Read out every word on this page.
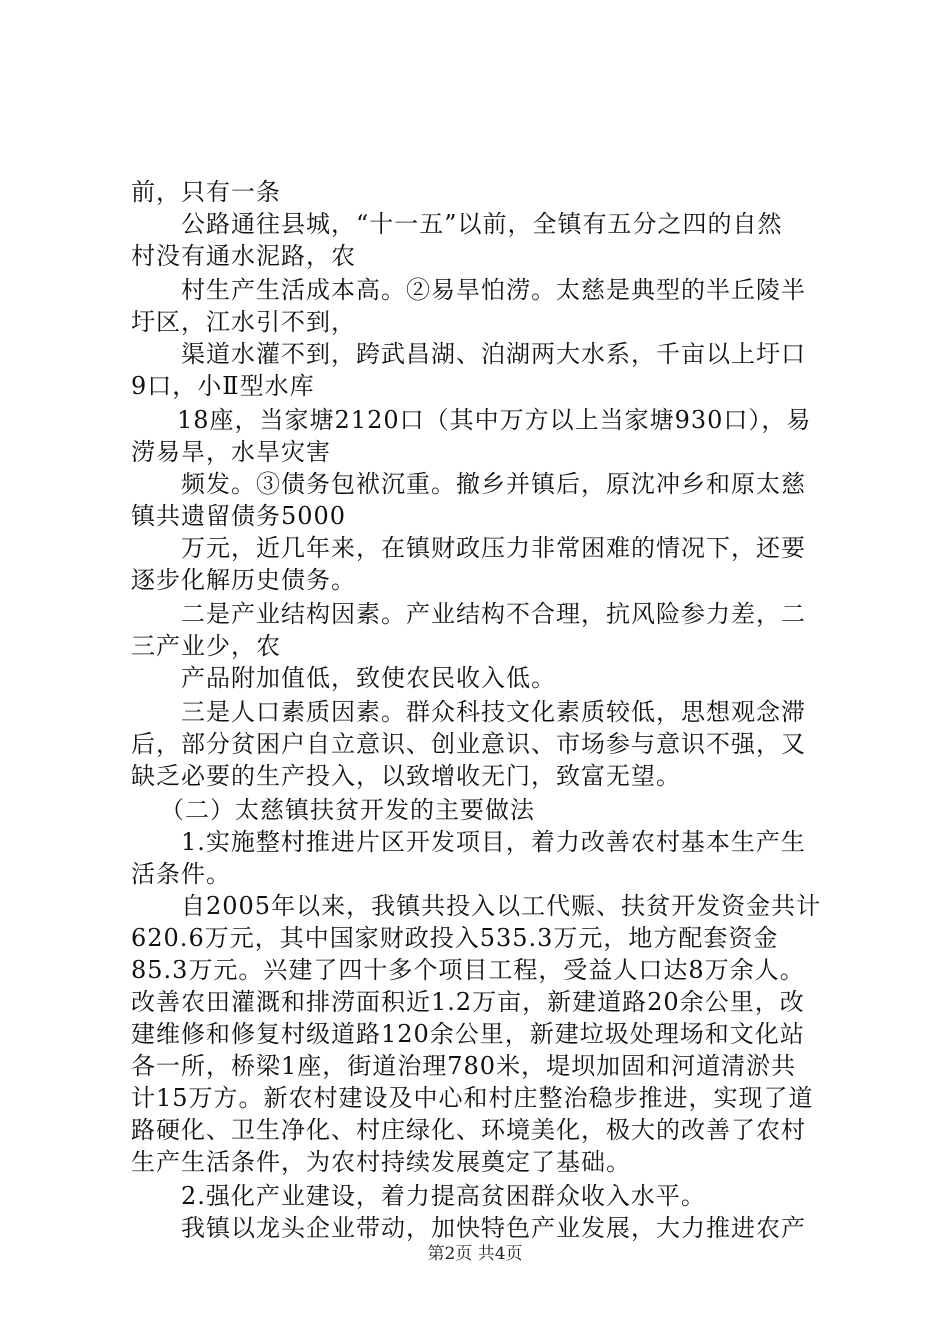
前，只有一条
公路通往县城，“十一五”以前，全镇有五分之四的自然
村没有通水泥路，农
村生产生活成本高。②易旱怕涝。太慈是典型的半丘陵半
圩区，江水引不到，
渠道水灌不到，跨武昌湖、泊湖两大水系，千亩以上圩口
9口，小Ⅱ型水库
18座，当家塘2120口（其中万方以上当家塘930口），易
涝易旱，水旱灾害
频发。③债务包袱沉重。撤乡并镇后，原沈冲乡和原太慈
镇共遗留债务5000
万元，近几年来，在镇财政压力非常困难的情况下，还要
逐步化解历史债务。
二是产业结构因素。产业结构不合理，抗风险参力差，二
三产业少，农
产品附加值低，致使农民收入低。
三是人口素质因素。群众科技文化素质较低，思想观念滞
后，部分贫困户自立意识、创业意识、市场参与意识不强，又
缺乏必要的生产投入，以致增收无门，致富无望。
（二）太慈镇扶贫开发的主要做法
1.实施整村推进片区开发项目，着力改善农村基本生产生
活条件。
自2005年以来，我镇共投入以工代赈、扶贫开发资金共计
620.6万元，其中国家财政投入535.3万元，地方配套资金
85.3万元。兴建了四十多个项目工程，受益人口达8万余人。
改善农田灌溉和排涝面积近1.2万亩，新建道路20余公里，改
建维修和修复村级道路120余公里，新建垃圾处理场和文化站
各一所，桥梁1座，街道治理780米，堤坝加固和河道清淤共
计15万方。新农村建设及中心和村庄整治稳步推进，实现了道
路硬化、卫生净化、村庄绿化、环境美化，极大的改善了农村
生产生活条件，为农村持续发展奠定了基础。
2.强化产业建设，着力提高贫困群众收入水平。
我镇以龙头企业带动，加快特色产业发展，大力推进农产
第2页 共4页
